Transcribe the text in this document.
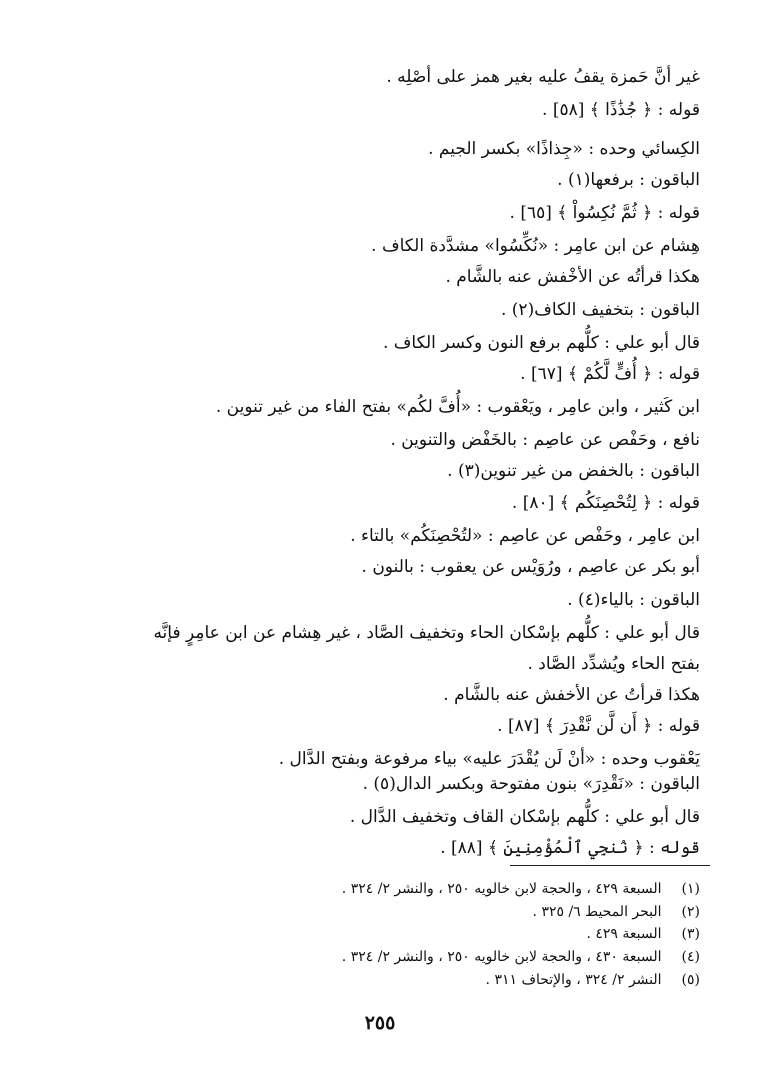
غير أنَّ حَمزة يقفُ عليه بغير همز على أصْلِه .
قوله : ﴿ جُذَٰذًا ﴾ [٥٨] .
الكِسائي وحده : «جِذاذًا» بكسر الجيم .
الباقون : برفعها(١) .
قوله : ﴿ ثُمَّ نُكِسُواْ ﴾ [٦٥] .
هِشام عن ابن عامِر : «نُكِّسُوا» مشدَّدة الكاف .
هكذا قرأتُه عن الأخْفش عنه بالشَّام .
الباقون : بتخفيف الكاف(٢) .
قال أبو علي : كلُّهم برفع النون وكسر الكاف .
قوله : ﴿ أُفٍّ لَّكُمْ ﴾ [٦٧] .
ابن كَثير ، وابن عامِر ، ويَعْقوب : «أُفَّ لكُم» بفتح الفاء من غير تنوين .
نافع ، وحَفْص عن عاصِم : بالخَفْض والتنوين .
الباقون : بالخفض من غير تنوين(٣) .
قوله : ﴿ لِتُحْصِنَكُم ﴾ [٨٠] .
ابن عامِر ، وحَفْص عن عاصِم : «لتُحْصِنَكُم» بالتاء .
أبو بكر عن عاصِم ، ورُوَيْس عن يعقوب : بالنون .
الباقون : بالياء(٤) .
قال أبو علي : كلُّهم بإسْكان الحاء وتخفيف الصَّاد ، غير هِشام عن ابن عامِرٍ فإنَّه
بفتح الحاء ويُشدِّد الصَّاد .
هكذا قرأتُ عن الأخفش عنه بالشَّام .
قوله : ﴿ أَن لَّن نَّقْدِرَ ﴾ [٨٧] .
يَعْقوب وحده : «أنْ لَن يُقْدَرَ عليه» بياء مرفوعة وبفتح الدَّال .
الباقون : «نَقْدِرَ» بنون مفتوحة وبكسر الدال(٥) .
قال أبو علي : كلُّهم بإسْكان القاف وتخفيف الدَّال .
قوله : ﴿ نُنجِي ٱلْمُؤْمِنِينَ ﴾ [٨٨] .
(١) السبعة ٤٢٩ ، والحجة لابن خالويه ٢٥٠ ، والنشر ٢/ ٣٢٤ .
(٢) البحر المحيط ٦/ ٣٢٥ .
(٣) السبعة ٤٢٩ .
(٤) السبعة ٤٣٠ ، والحجة لابن خالويه ٢٥٠ ، والنشر ٢/ ٣٢٤ .
(٥) النشر ٢/ ٣٢٤ ، والإتحاف ٣١١ .
٢٥٥
